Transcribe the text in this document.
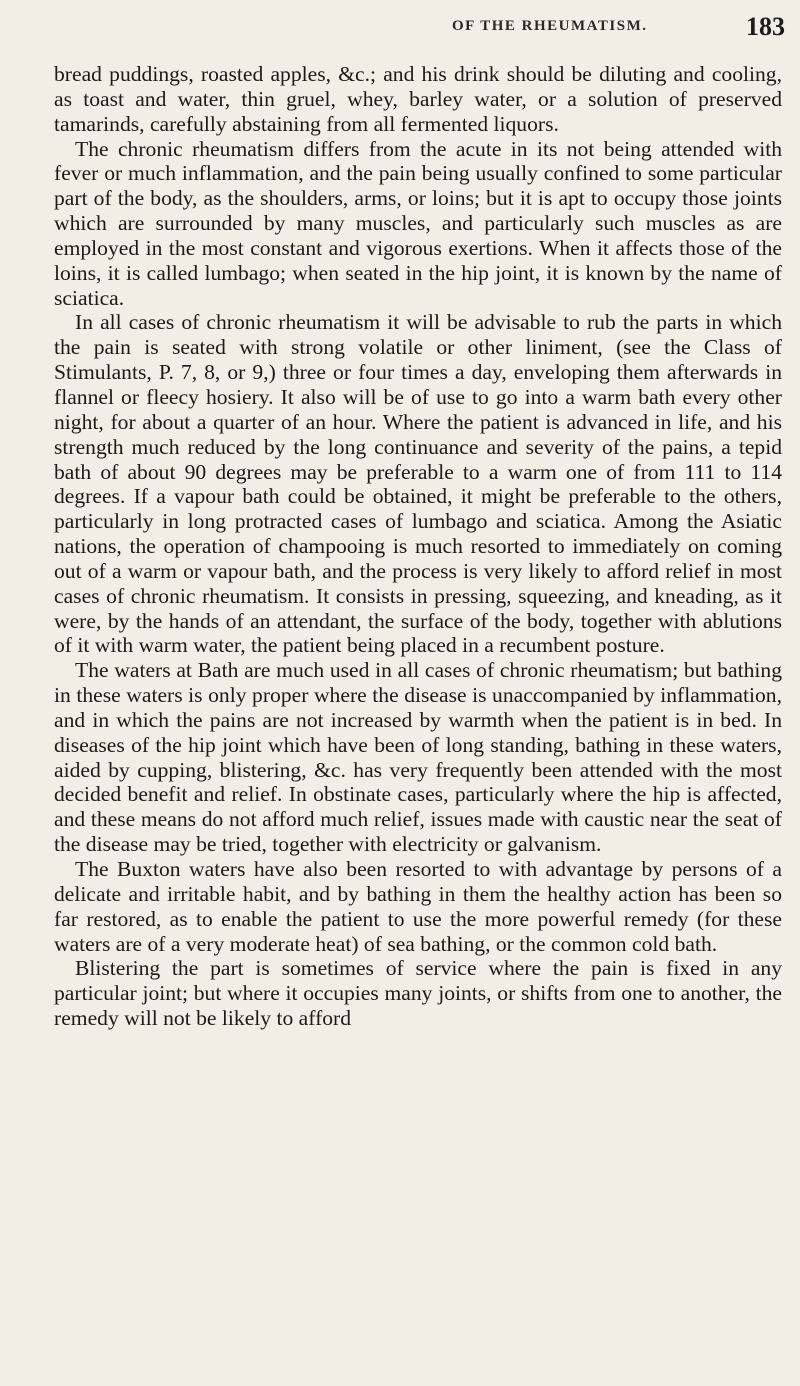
OF THE RHEUMATISM.	183

bread puddings, roasted apples, &c.; and his drink should be diluting and cooling, as toast and water, thin gruel, whey, barley water, or a solution of preserved tamarinds, carefully abstaining from all fermented liquors.

The chronic rheumatism differs from the acute in its not being attended with fever or much inflammation, and the pain being usually confined to some particular part of the body, as the shoulders, arms, or loins; but it is apt to occupy those joints which are surrounded by many muscles, and particularly such muscles as are employed in the most constant and vigorous exertions. When it affects those of the loins, it is called lumbago; when seated in the hip joint, it is known by the name of sciatica.

In all cases of chronic rheumatism it will be advisable to rub the parts in which the pain is seated with strong volatile or other liniment, (see the Class of Stimulants, P. 7, 8, or 9,) three or four times a day, enveloping them afterwards in flannel or fleecy hosiery. It also will be of use to go into a warm bath every other night, for about a quarter of an hour. Where the patient is advanced in life, and his strength much reduced by the long continuance and severity of the pains, a tepid bath of about 90 degrees may be preferable to a warm one of from 111 to 114 degrees. If a vapour bath could be obtained, it might be preferable to the others, particularly in long protracted cases of lumbago and sciatica. Among the Asiatic nations, the operation of champooing is much resorted to immediately on coming out of a warm or vapour bath, and the process is very likely to afford relief in most cases of chronic rheumatism. It consists in pressing, squeezing, and kneading, as it were, by the hands of an attendant, the surface of the body, together with ablutions of it with warm water, the patient being placed in a recumbent posture.

The waters at Bath are much used in all cases of chronic rheumatism; but bathing in these waters is only proper where the disease is unaccompanied by inflammation, and in which the pains are not increased by warmth when the patient is in bed. In diseases of the hip joint which have been of long standing, bathing in these waters, aided by cupping, blistering, &c. has very frequently been attended with the most decided benefit and relief. In obstinate cases, particularly where the hip is affected, and these means do not afford much relief, issues made with caustic near the seat of the disease may be tried, together with electricity or galvanism.

The Buxton waters have also been resorted to with advantage by persons of a delicate and irritable habit, and by bathing in them the healthy action has been so far restored, as to enable the patient to use the more powerful remedy (for these waters are of a very moderate heat) of sea bathing, or the common cold bath.

Blistering the part is sometimes of service where the pain is fixed in any particular joint; but where it occupies many joints, or shifts from one to another, the remedy will not be likely to afford
